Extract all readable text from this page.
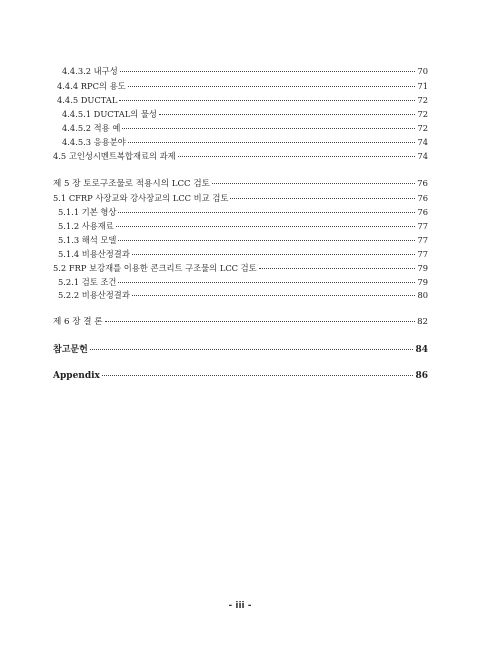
4.4.3.2 내구성	70
4.4.4 RPC의 용도	71
4.4.5 DUCTAL	72
4.4.5.1 DUCTAL의 물성	72
4.4.5.2 적용 예	72
4.4.5.3 응용분야	74
4.5 고인성시멘트복합재료의 과제	74
제 5 장 토로구조물로 적용시의 LCC 검토	76
5.1 CFRP 사장교와 강사장교의 LCC 비교 검토	76
5.1.1 기본 형상	76
5.1.2 사용재료	77
5.1.3 해석 모델	77
5.1.4 비용산정결과	77
5.2 FRP 보강재를 이용한 콘크리트 구조물의 LCC 검토	79
5.2.1 검토 조건	79
5.2.2 비용산정결과	80
제 6 장 결 론	82
참고문헌	84
Appendix	86
- iii -
